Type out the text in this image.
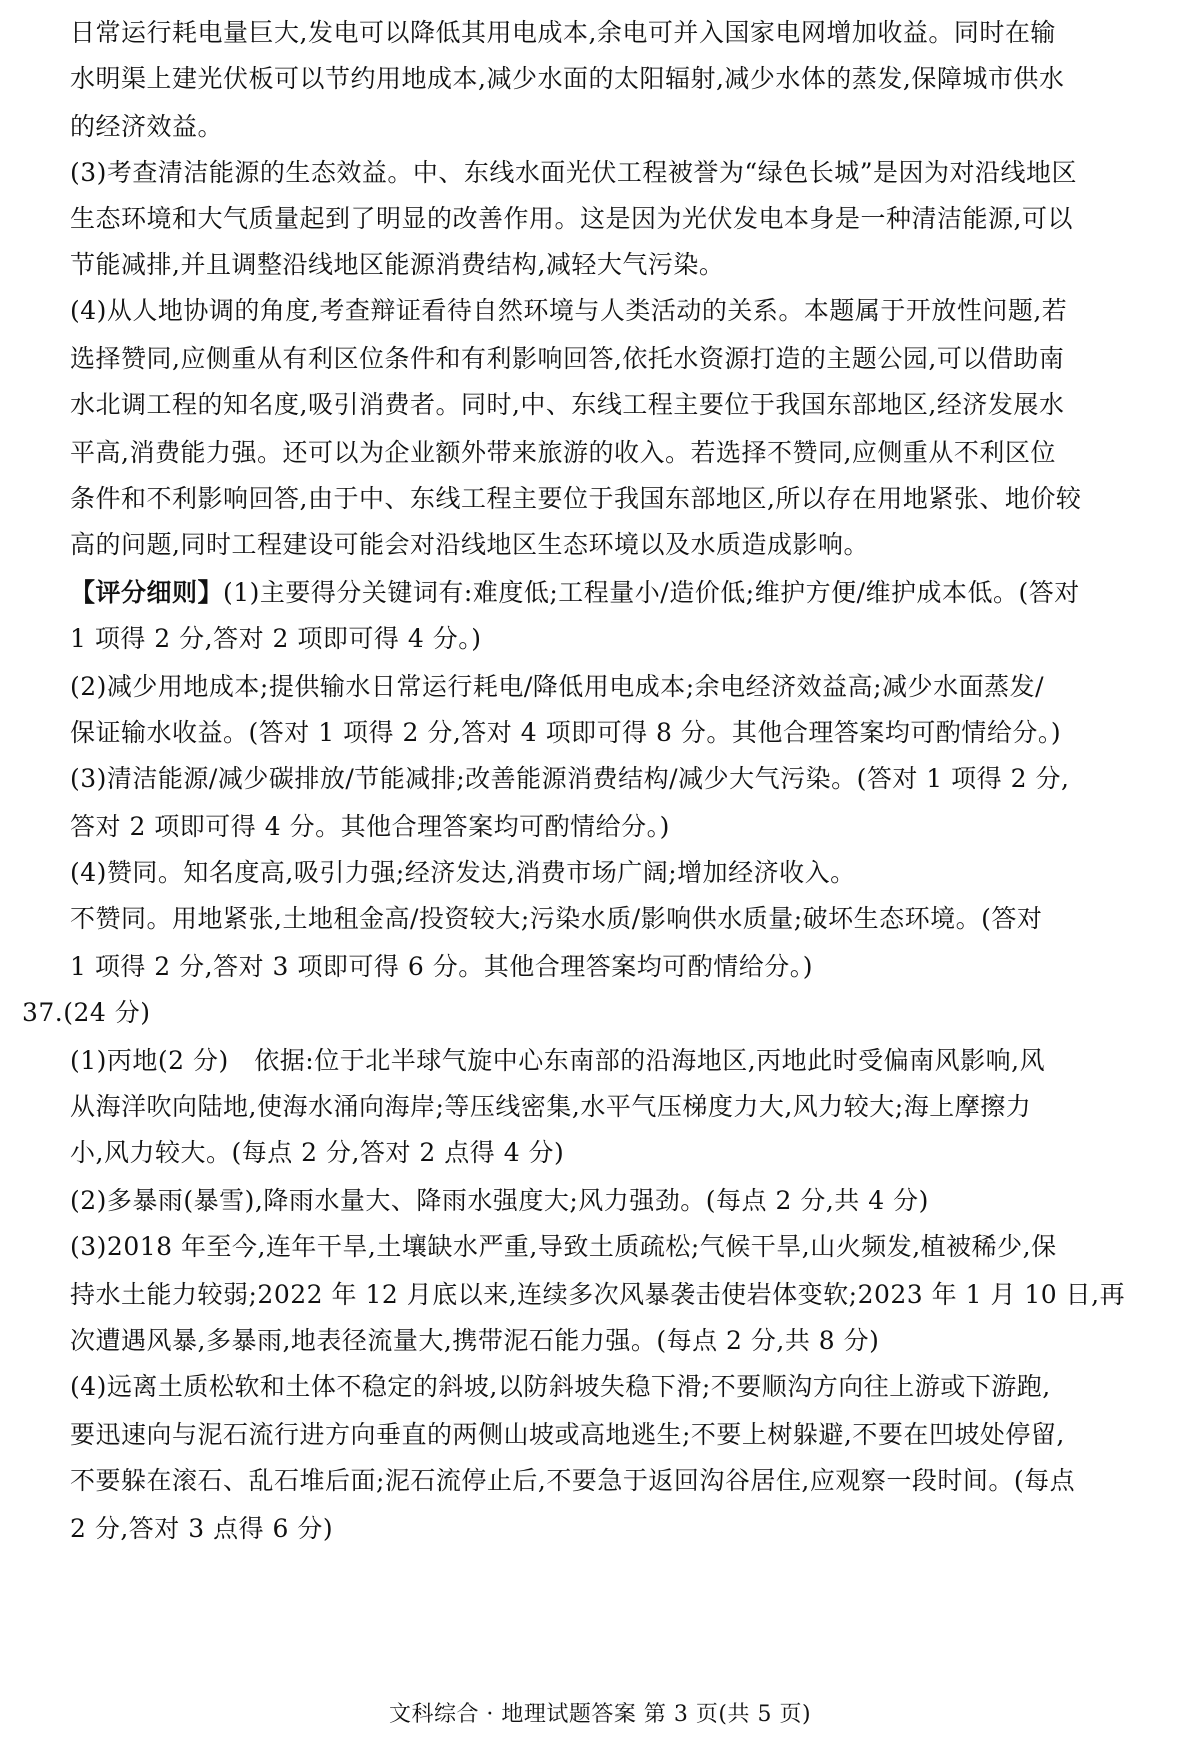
日常运行耗电量巨大,发电可以降低其用电成本,余电可并入国家电网增加收益。同时在输
水明渠上建光伏板可以节约用地成本,减少水面的太阳辐射,减少水体的蒸发,保障城市供水
的经济效益。
(3)考查清洁能源的生态效益。中、东线水面光伏工程被誉为“绿色长城”是因为对沿线地区
生态环境和大气质量起到了明显的改善作用。这是因为光伏发电本身是一种清洁能源,可以
节能减排,并且调整沿线地区能源消费结构,减轻大气污染。
(4)从人地协调的角度,考查辩证看待自然环境与人类活动的关系。本题属于开放性问题,若
选择赞同,应侧重从有利区位条件和有利影响回答,依托水资源打造的主题公园,可以借助南
水北调工程的知名度,吸引消费者。同时,中、东线工程主要位于我国东部地区,经济发展水
平高,消费能力强。还可以为企业额外带来旅游的收入。若选择不赞同,应侧重从不利区位
条件和不利影响回答,由于中、东线工程主要位于我国东部地区,所以存在用地紧张、地价较
高的问题,同时工程建设可能会对沿线地区生态环境以及水质造成影响。
【评分细则】(1)主要得分关键词有:难度低;工程量小/造价低;维护方便/维护成本低。(答对
1 项得 2 分,答对 2 项即可得 4 分。)
(2)减少用地成本;提供输水日常运行耗电/降低用电成本;余电经济效益高;减少水面蒸发/
保证输水收益。(答对 1 项得 2 分,答对 4 项即可得 8 分。其他合理答案均可酌情给分。)
(3)清洁能源/减少碳排放/节能减排;改善能源消费结构/减少大气污染。(答对 1 项得 2 分,
答对 2 项即可得 4 分。其他合理答案均可酌情给分。)
(4)赞同。知名度高,吸引力强;经济发达,消费市场广阔;增加经济收入。
不赞同。用地紧张,土地租金高/投资较大;污染水质/影响供水质量;破坏生态环境。(答对
1 项得 2 分,答对 3 项即可得 6 分。其他合理答案均可酌情给分。)
37.(24 分)
(1)丙地(2 分)　依据:位于北半球气旋中心东南部的沿海地区,丙地此时受偏南风影响,风
从海洋吹向陆地,使海水涌向海岸;等压线密集,水平气压梯度力大,风力较大;海上摩擦力
小,风力较大。(每点 2 分,答对 2 点得 4 分)
(2)多暴雨(暴雪),降雨水量大、降雨水强度大;风力强劲。(每点 2 分,共 4 分)
(3)2018 年至今,连年干旱,土壤缺水严重,导致土质疏松;气候干旱,山火频发,植被稀少,保
持水土能力较弱;2022 年 12 月底以来,连续多次风暴袭击使岩体变软;2023 年 1 月 10 日,再
次遭遇风暴,多暴雨,地表径流量大,携带泥石能力强。(每点 2 分,共 8 分)
(4)远离土质松软和土体不稳定的斜坡,以防斜坡失稳下滑;不要顺沟方向往上游或下游跑,
要迅速向与泥石流行进方向垂直的两侧山坡或高地逃生;不要上树躲避,不要在凹坡处停留,
不要躲在滚石、乱石堆后面;泥石流停止后,不要急于返回沟谷居住,应观察一段时间。(每点
2 分,答对 3 点得 6 分)
文科综合 · 地理试题答案 第 3 页(共 5 页)
